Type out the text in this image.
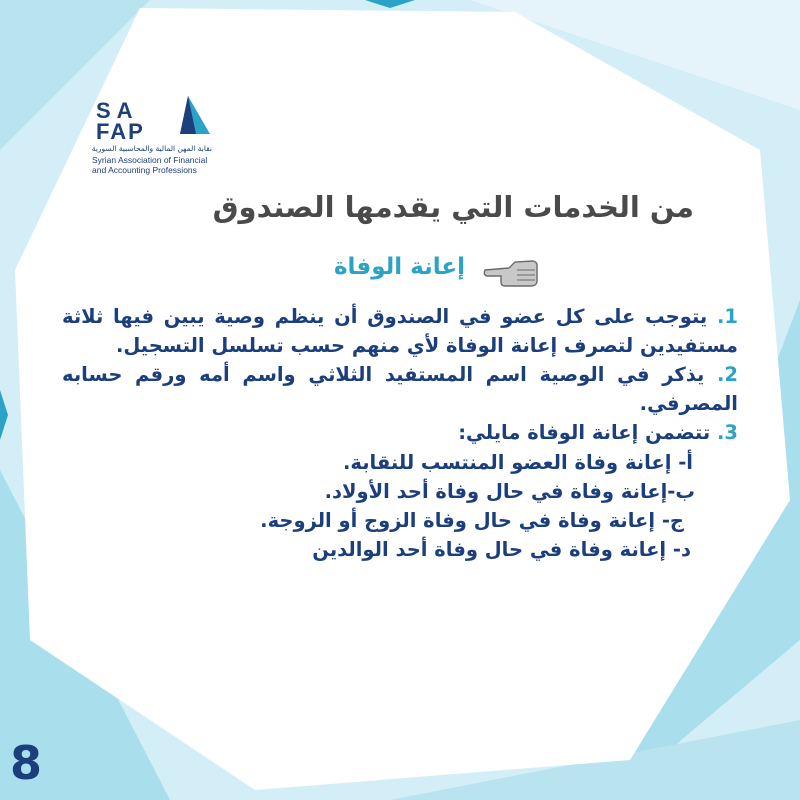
SA
FAP
نقابة المهن المالية والمحاسبية السورية
Syrian Association of Financial
and Accounting Professions
من الخدمات التي يقدمها الصندوق
إعانة الوفاة

1. يتوجب على كل عضو في الصندوق أن ينظم وصية يبين فيها ثلاثة مستفيدين لتصرف إعانة الوفاة لأي منهم حسب تسلسل التسجيل.

2. يذكر في الوصية اسم المستفيد الثلاثي واسم أمه ورقم حسابه المصرفي.

3. تتضمن إعانة الوفاة مايلي:

أ- إعانة وفاة العضو المنتسب للنقابة.
ب-إعانة وفاة في حال وفاة أحد الأولاد.
ج- إعانة وفاة في حال وفاة الزوج أو الزوجة.
د- إعانة وفاة في حال وفاة أحد الوالدين
8
